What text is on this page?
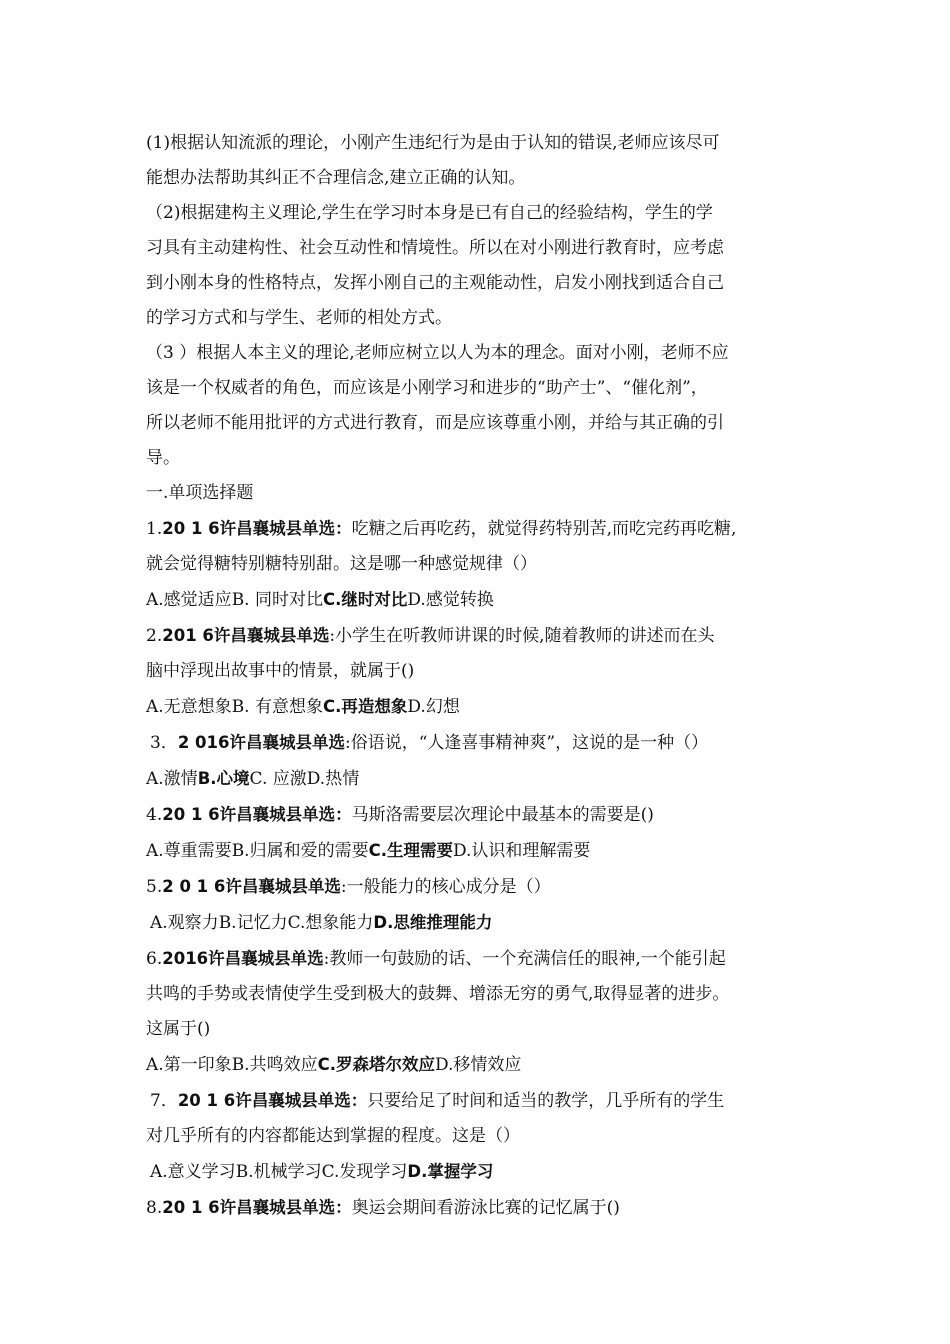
(1)根据认知流派的理论，小刚产生违纪行为是由于认知的错误,老师应该尽可
能想办法帮助其纠正不合理信念,建立正确的认知。
（2)根据建构主义理论,学生在学习时本身是已有自己的经验结构，学生的学
习具有主动建构性、社会互动性和情境性。所以在对小刚进行教育时，应考虑
到小刚本身的性格特点，发挥小刚自己的主观能动性，启发小刚找到适合自己
的学习方式和与学生、老师的相处方式。
（3 ）根据人本主义的理论,老师应树立以人为本的理念。面对小刚，老师不应
该是一个权威者的角色，而应该是小刚学习和进步的“助产士”、“催化剂”，
所以老师不能用批评的方式进行教育，而是应该尊重小刚，并给与其正确的引
导。
一.单项选择题
1.20 1 6许昌襄城县单选：吃糖之后再吃药，就觉得药特别苦,而吃完药再吃糖,
就会觉得糖特别糖特别甜。这是哪一种感觉规律（）
A.感觉适应B. 同时对比C.继时对比D.感觉转换
2.201 6许昌襄城县单选:小学生在听教师讲课的时候,随着教师的讲述而在头
脑中浮现出故事中的情景，就属于()
A.无意想象B. 有意想象C.再造想象D.幻想
3．2 016许昌襄城县单选:俗语说，“人逢喜事精神爽”，这说的是一种（）
A.激情B.心境C. 应激D.热情
4.20 1 6许昌襄城县单选：马斯洛需要层次理论中最基本的需要是()
A.尊重需要B.归属和爱的需要C.生理需要D.认识和理解需要
5.2 0 1 6许昌襄城县单选:一般能力的核心成分是（）
A.观察力B.记忆力C.想象能力D.思维推理能力
6.2016许昌襄城县单选:教师一句鼓励的话、一个充满信任的眼神,一个能引起
共鸣的手势或表情使学生受到极大的鼓舞、增添无穷的勇气,取得显著的进步。
这属于()
A.第一印象B.共鸣效应C.罗森塔尔效应D.移情效应
7．20 1 6许昌襄城县单选：只要给足了时间和适当的教学，几乎所有的学生
对几乎所有的内容都能达到掌握的程度。这是（）
A.意义学习B.机械学习C.发现学习D.掌握学习
8.20 1 6许昌襄城县单选：奥运会期间看游泳比赛的记忆属于()
